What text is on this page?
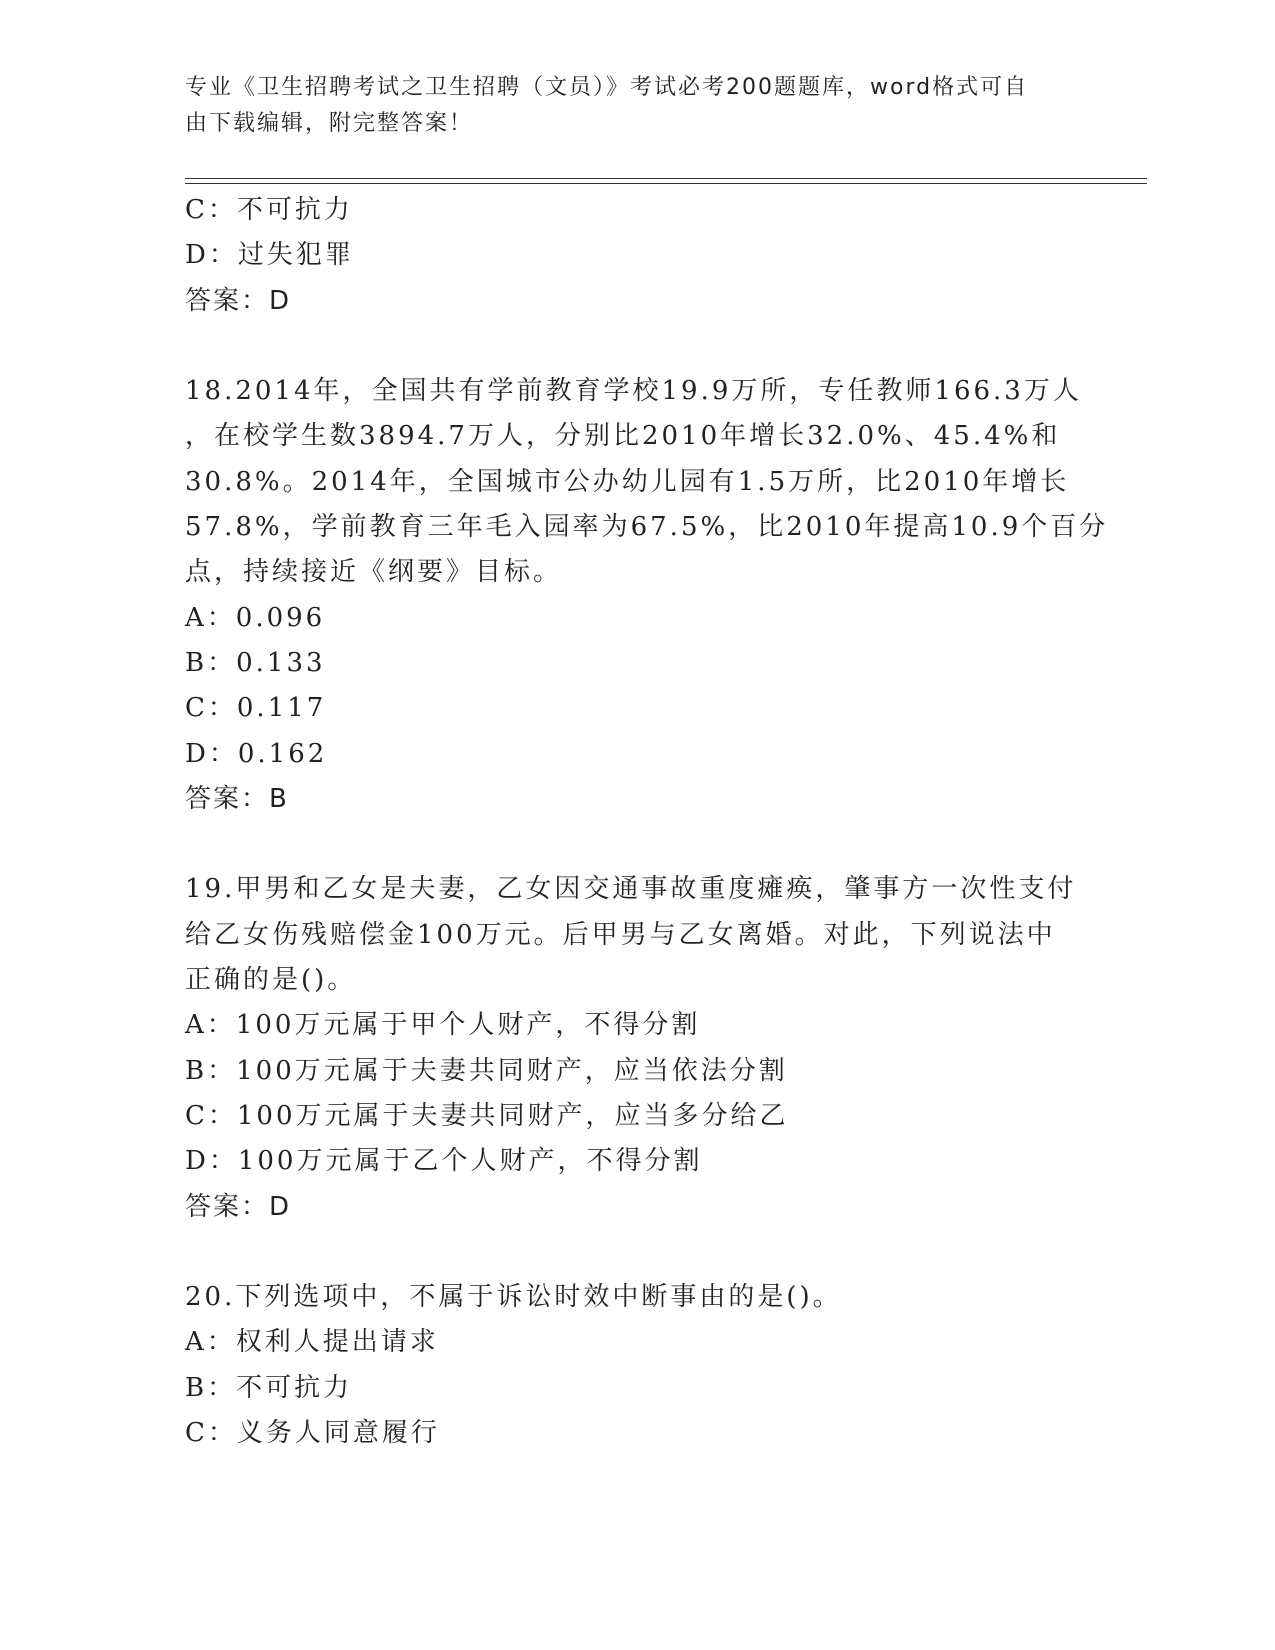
专业《卫生招聘考试之卫生招聘（文员）》考试必考200题题库，word格式可自
由下载编辑，附完整答案！

C：不可抗力

D：过失犯罪

答案：D

18.2014年，全国共有学前教育学校19.9万所，专任教师166.3万人

，在校学生数3894.7万人，分别比2010年增长32.0%、45.4%和

30.8%。2014年，全国城市公办幼儿园有1.5万所，比2010年增长

57.8%，学前教育三年毛入园率为67.5%，比2010年提高10.9个百分

点，持续接近《纲要》目标。

A：0.096

B：0.133

C：0.117

D：0.162

答案：B

19.甲男和乙女是夫妻，乙女因交通事故重度瘫痪，肇事方一次性支付

给乙女伤残赔偿金100万元。后甲男与乙女离婚。对此，下列说法中

正确的是()。

A：100万元属于甲个人财产，不得分割

B：100万元属于夫妻共同财产，应当依法分割

C：100万元属于夫妻共同财产，应当多分给乙

D：100万元属于乙个人财产，不得分割

答案：D

20.下列选项中，不属于诉讼时效中断事由的是()。

A：权利人提出请求

B：不可抗力

C：义务人同意履行
